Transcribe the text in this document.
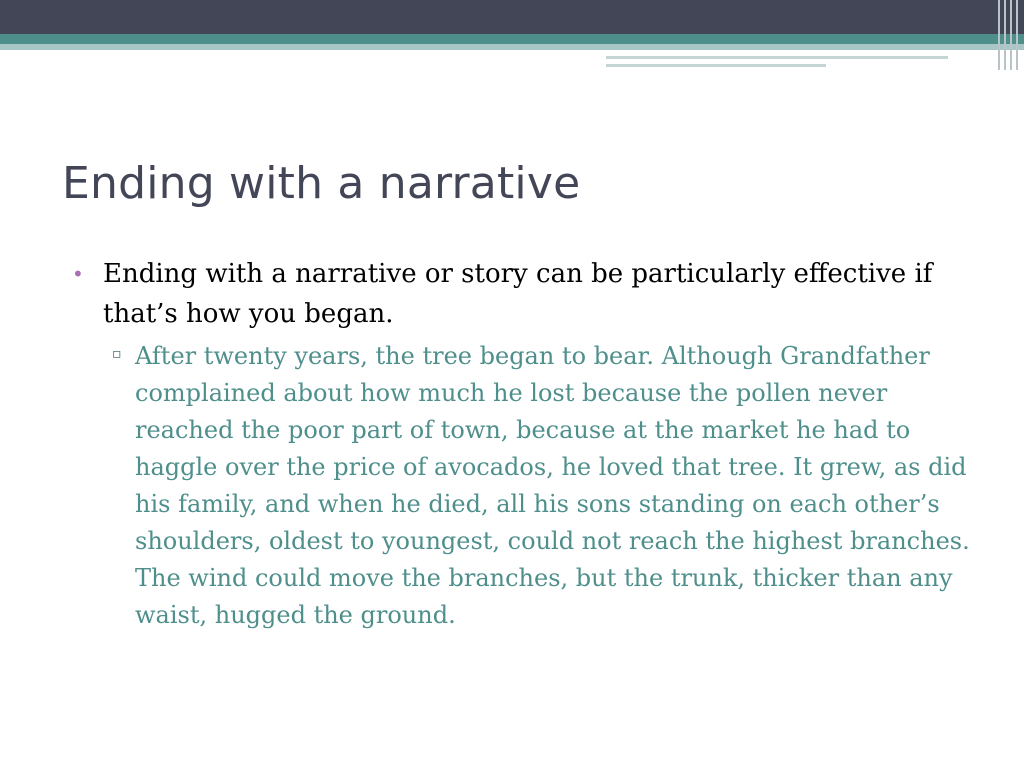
Ending with a narrative
• Ending with a narrative or story can be particularly effective if that’s how you began.
▫ After twenty years, the tree began to bear. Although Grandfather complained about how much he lost because the pollen never reached the poor part of town, because at the market he had to haggle over the price of avocados, he loved that tree. It grew, as did his family, and when he died, all his sons standing on each other’s shoulders, oldest to youngest, could not reach the highest branches. The wind could move the branches, but the trunk, thicker than any waist, hugged the ground.
